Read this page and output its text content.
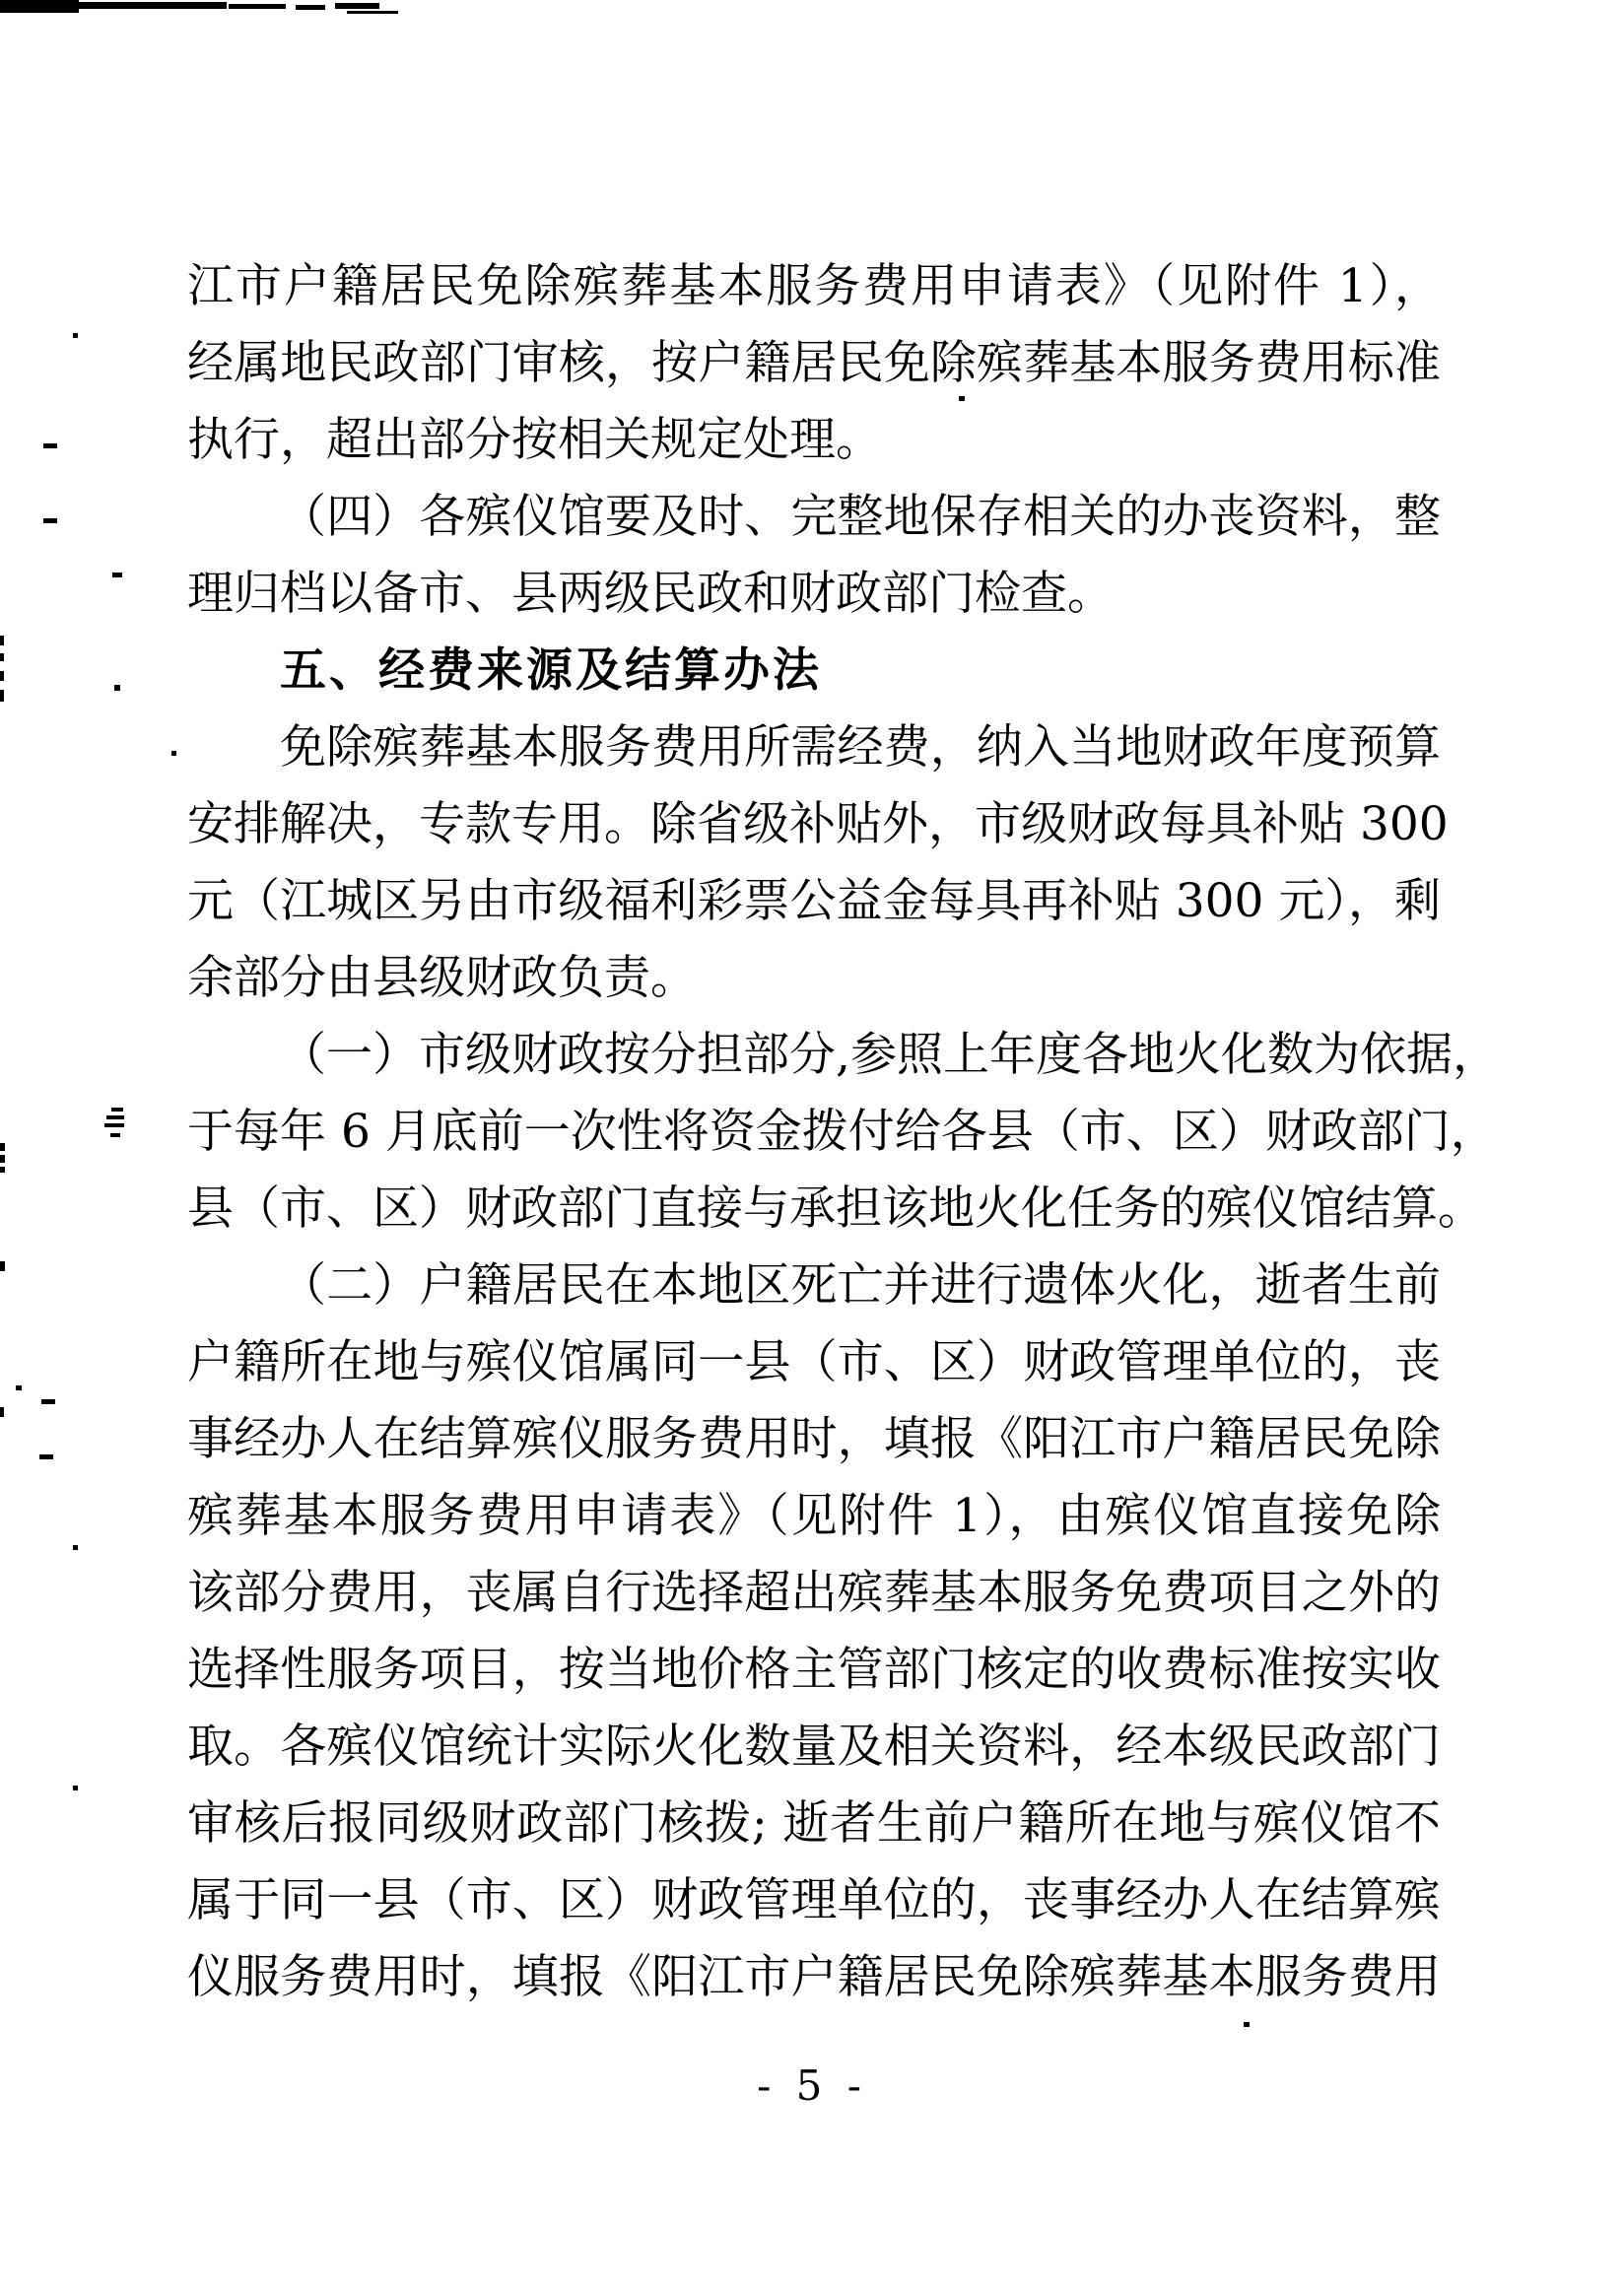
江市户籍居民免除殡葬基本服务费用申请表》（见附件 1），
经属地民政部门审核，按户籍居民免除殡葬基本服务费用标准
执行，超出部分按相关规定处理。
（四）各殡仪馆要及时、完整地保存相关的办丧资料，整
理归档以备市、县两级民政和财政部门检查。
五、经费来源及结算办法
免除殡葬基本服务费用所需经费，纳入当地财政年度预算
安排解决，专款专用。除省级补贴外，市级财政每具补贴 300
元（江城区另由市级福利彩票公益金每具再补贴 300 元），剩
余部分由县级财政负责。
（一）市级财政按分担部分,参照上年度各地火化数为依据，
于每年 6 月底前一次性将资金拨付给各县（市、区）财政部门，
县（市、区）财政部门直接与承担该地火化任务的殡仪馆结算。
（二）户籍居民在本地区死亡并进行遗体火化，逝者生前
户籍所在地与殡仪馆属同一县（市、区）财政管理单位的，丧
事经办人在结算殡仪服务费用时，填报《阳江市户籍居民免除
殡葬基本服务费用申请表》（见附件 1），由殡仪馆直接免除
该部分费用，丧属自行选择超出殡葬基本服务免费项目之外的
选择性服务项目，按当地价格主管部门核定的收费标准按实收
取。各殡仪馆统计实际火化数量及相关资料，经本级民政部门
审核后报同级财政部门核拨; 逝者生前户籍所在地与殡仪馆不
属于同一县（市、区）财政管理单位的，丧事经办人在结算殡
仪服务费用时，填报《阳江市户籍居民免除殡葬基本服务费用
- 5 -
